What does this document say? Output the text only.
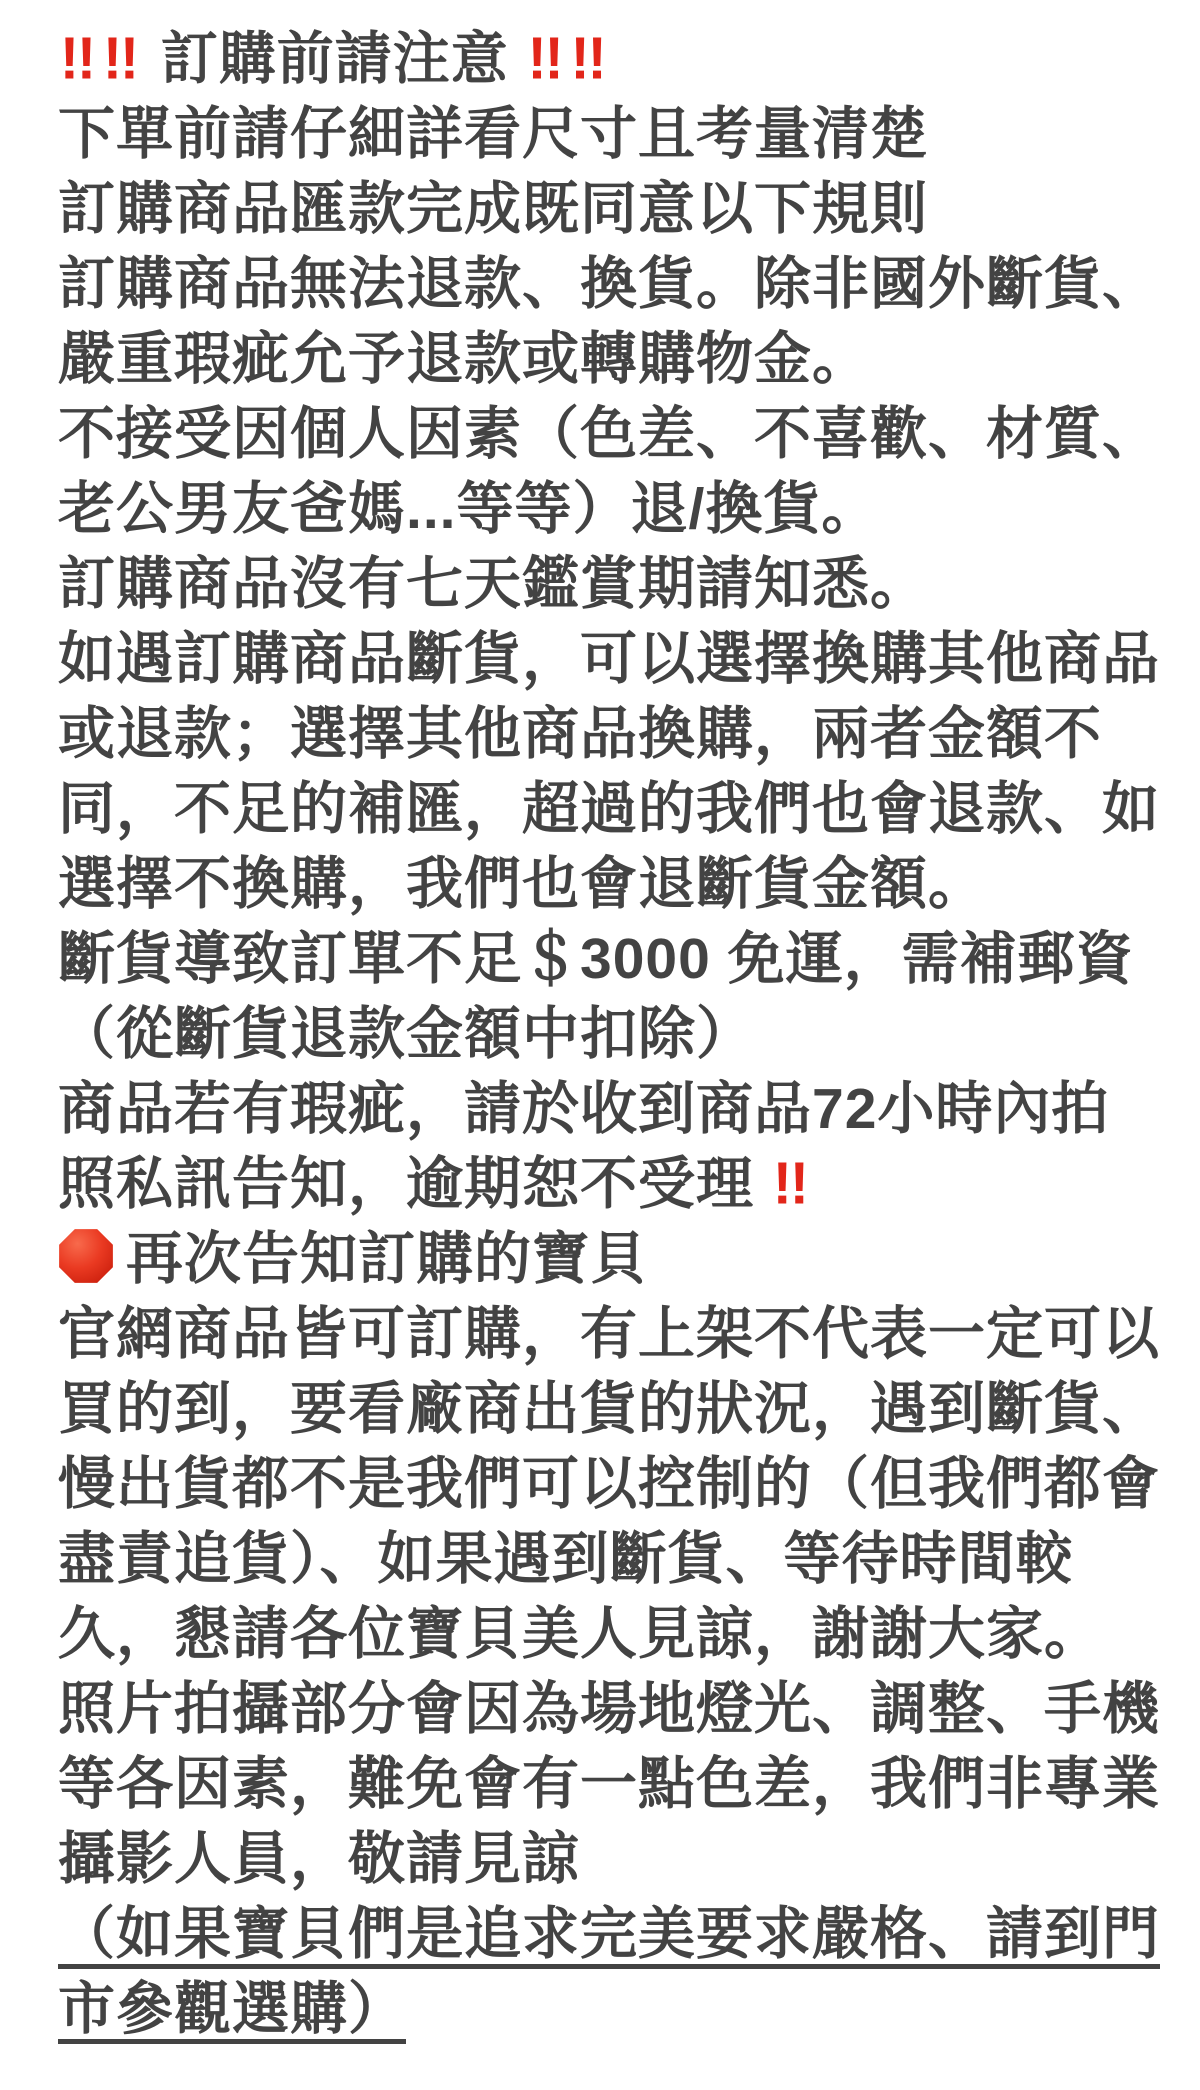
!! !! 訂購前請注意 !! !!
下單前請仔細詳看尺寸且考量清楚
訂購商品匯款完成既同意以下規則
訂購商品無法退款、換貨。除非國外斷貨、
嚴重瑕疵允予退款或轉購物金。
不接受因個人因素（色差、不喜歡、材質、
老公男友爸媽...等等）退/換貨。
訂購商品沒有七天鑑賞期請知悉。
如遇訂購商品斷貨，可以選擇換購其他商品
或退款；選擇其他商品換購，兩者金額不
同，不足的補匯，超過的我們也會退款、如
選擇不換購，我們也會退斷貨金額。
斷貨導致訂單不足＄3000 免運，需補郵資
（從斷貨退款金額中扣除）
商品若有瑕疵，請於收到商品72小時內拍
照私訊告知，逾期恕不受理 !!
再次告知訂購的寶貝
官網商品皆可訂購，有上架不代表一定可以
買的到，要看廠商出貨的狀況，遇到斷貨、
慢出貨都不是我們可以控制的（但我們都會
盡責追貨）、如果遇到斷貨、等待時間較
久，懇請各位寶貝美人見諒，謝謝大家。
照片拍攝部分會因為場地燈光、調整、手機
等各因素，難免會有一點色差，我們非專業
攝影人員，敬請見諒
（如果寶貝們是追求完美要求嚴格、請到門
市參觀選購）
